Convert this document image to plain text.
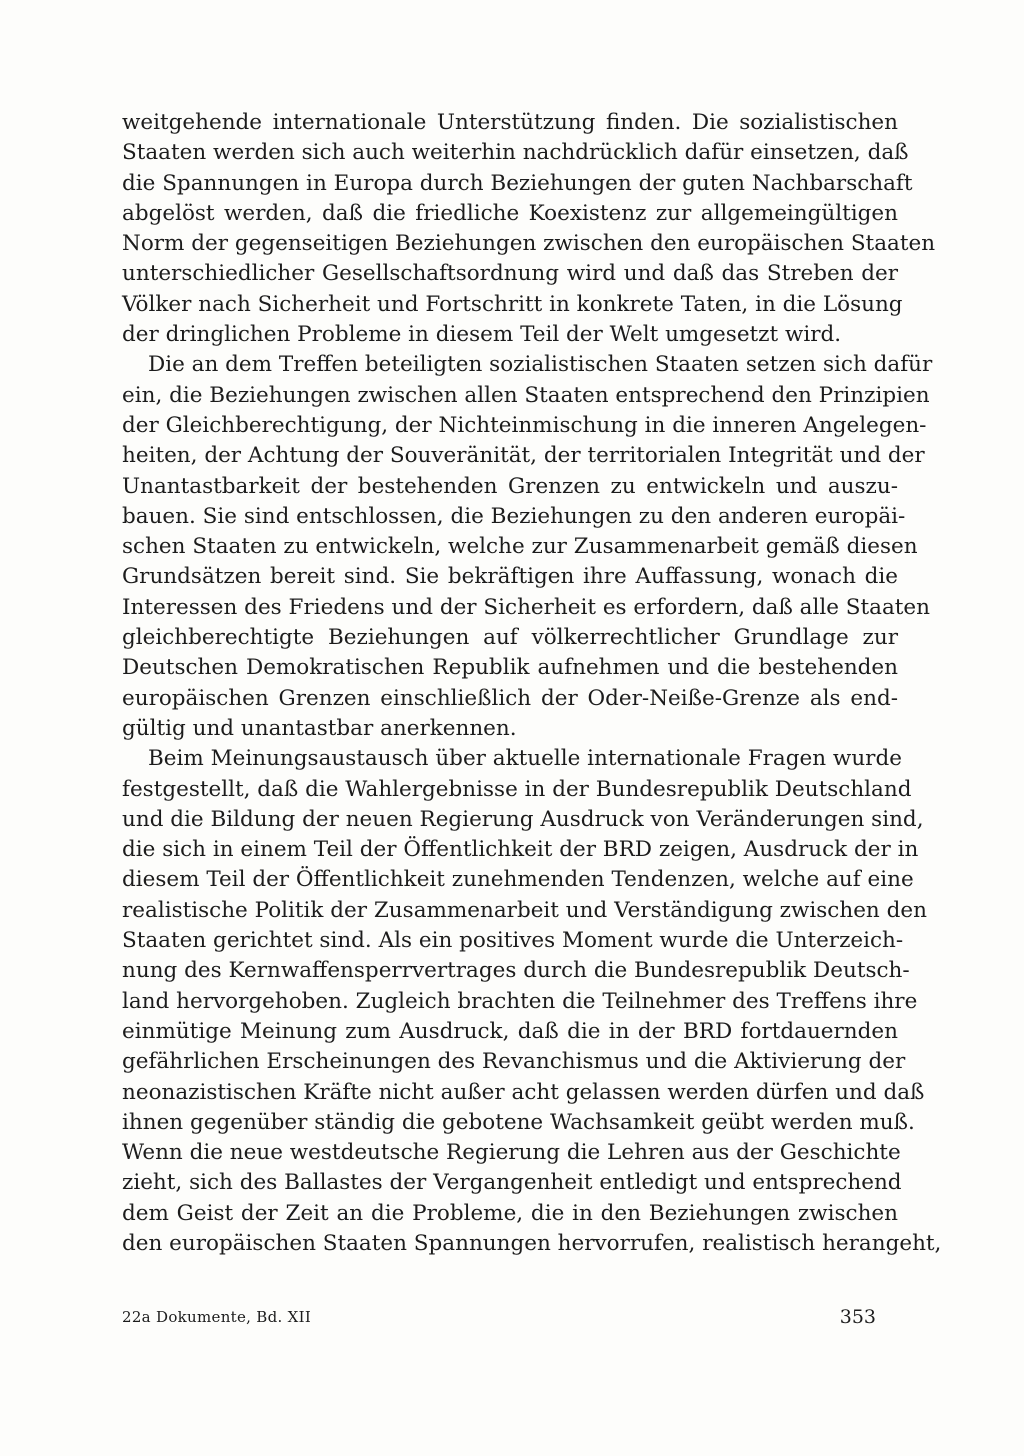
weitgehende internationale Unterstützung finden. Die sozialistischen
Staaten werden sich auch weiterhin nachdrücklich dafür einsetzen, daß
die Spannungen in Europa durch Beziehungen der guten Nachbarschaft
abgelöst werden, daß die friedliche Koexistenz zur allgemeingültigen
Norm der gegenseitigen Beziehungen zwischen den europäischen Staaten
unterschiedlicher Gesellschaftsordnung wird und daß das Streben der
Völker nach Sicherheit und Fortschritt in konkrete Taten, in die Lösung
der dringlichen Probleme in diesem Teil der Welt umgesetzt wird.
Die an dem Treffen beteiligten sozialistischen Staaten setzen sich dafür
ein, die Beziehungen zwischen allen Staaten entsprechend den Prinzipien
der Gleichberechtigung, der Nichteinmischung in die inneren Angelegen-
heiten, der Achtung der Souveränität, der territorialen Integrität und der
Unantastbarkeit der bestehenden Grenzen zu entwickeln und auszu-
bauen. Sie sind entschlossen, die Beziehungen zu den anderen europäi-
schen Staaten zu entwickeln, welche zur Zusammenarbeit gemäß diesen
Grundsätzen bereit sind. Sie bekräftigen ihre Auffassung, wonach die
Interessen des Friedens und der Sicherheit es erfordern, daß alle Staaten
gleichberechtigte Beziehungen auf völkerrechtlicher Grundlage zur
Deutschen Demokratischen Republik aufnehmen und die bestehenden
europäischen Grenzen einschließlich der Oder-Neiße-Grenze als end-
gültig und unantastbar anerkennen.
Beim Meinungsaustausch über aktuelle internationale Fragen wurde
festgestellt, daß die Wahlergebnisse in der Bundesrepublik Deutschland
und die Bildung der neuen Regierung Ausdruck von Veränderungen sind,
die sich in einem Teil der Öffentlichkeit der BRD zeigen, Ausdruck der in
diesem Teil der Öffentlichkeit zunehmenden Tendenzen, welche auf eine
realistische Politik der Zusammenarbeit und Verständigung zwischen den
Staaten gerichtet sind. Als ein positives Moment wurde die Unterzeich-
nung des Kernwaffensperrvertrages durch die Bundesrepublik Deutsch-
land hervorgehoben. Zugleich brachten die Teilnehmer des Treffens ihre
einmütige Meinung zum Ausdruck, daß die in der BRD fortdauernden
gefährlichen Erscheinungen des Revanchismus und die Aktivierung der
neonazistischen Kräfte nicht außer acht gelassen werden dürfen und daß
ihnen gegenüber ständig die gebotene Wachsamkeit geübt werden muß.
Wenn die neue westdeutsche Regierung die Lehren aus der Geschichte
zieht, sich des Ballastes der Vergangenheit entledigt und entsprechend
dem Geist der Zeit an die Probleme, die in den Beziehungen zwischen
den europäischen Staaten Spannungen hervorrufen, realistisch herangeht,
22a Dokumente, Bd. XII	353
